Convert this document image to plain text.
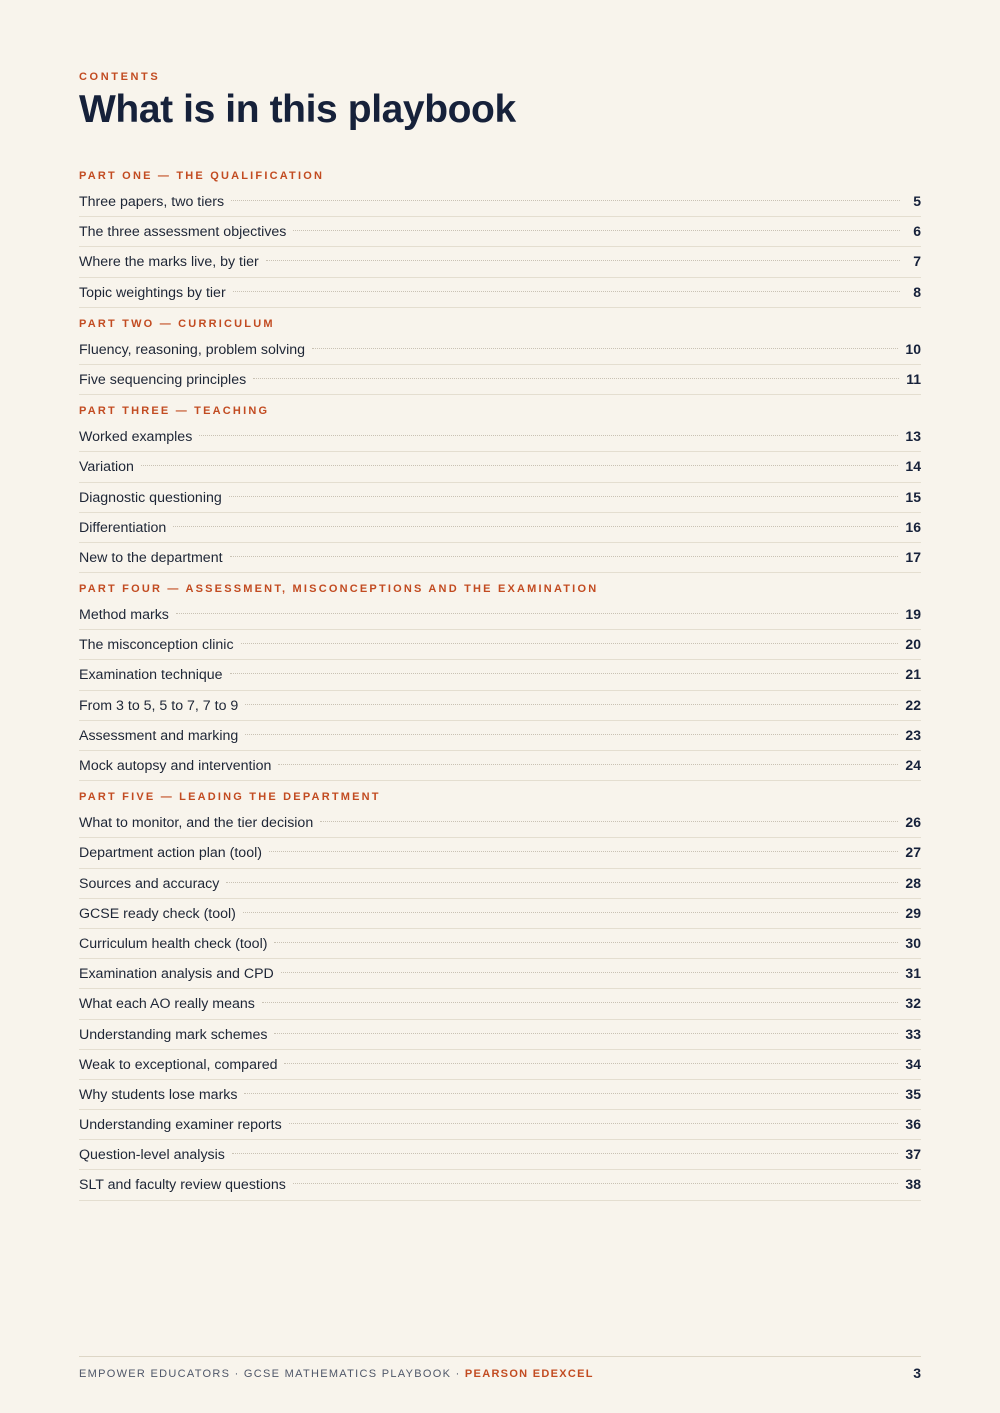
CONTENTS
What is in this playbook
PART ONE — THE QUALIFICATION
Three papers, two tiers	5
The three assessment objectives	6
Where the marks live, by tier	7
Topic weightings by tier	8
PART TWO — CURRICULUM
Fluency, reasoning, problem solving	10
Five sequencing principles	11
PART THREE — TEACHING
Worked examples	13
Variation	14
Diagnostic questioning	15
Differentiation	16
New to the department	17
PART FOUR — ASSESSMENT, MISCONCEPTIONS AND THE EXAMINATION
Method marks	19
The misconception clinic	20
Examination technique	21
From 3 to 5, 5 to 7, 7 to 9	22
Assessment and marking	23
Mock autopsy and intervention	24
PART FIVE — LEADING THE DEPARTMENT
What to monitor, and the tier decision	26
Department action plan (tool)	27
Sources and accuracy	28
GCSE ready check (tool)	29
Curriculum health check (tool)	30
Examination analysis and CPD	31
What each AO really means	32
Understanding mark schemes	33
Weak to exceptional, compared	34
Why students lose marks	35
Understanding examiner reports	36
Question-level analysis	37
SLT and faculty review questions	38
EMPOWER EDUCATORS · GCSE MATHEMATICS PLAYBOOK · PEARSON EDEXCEL	3
